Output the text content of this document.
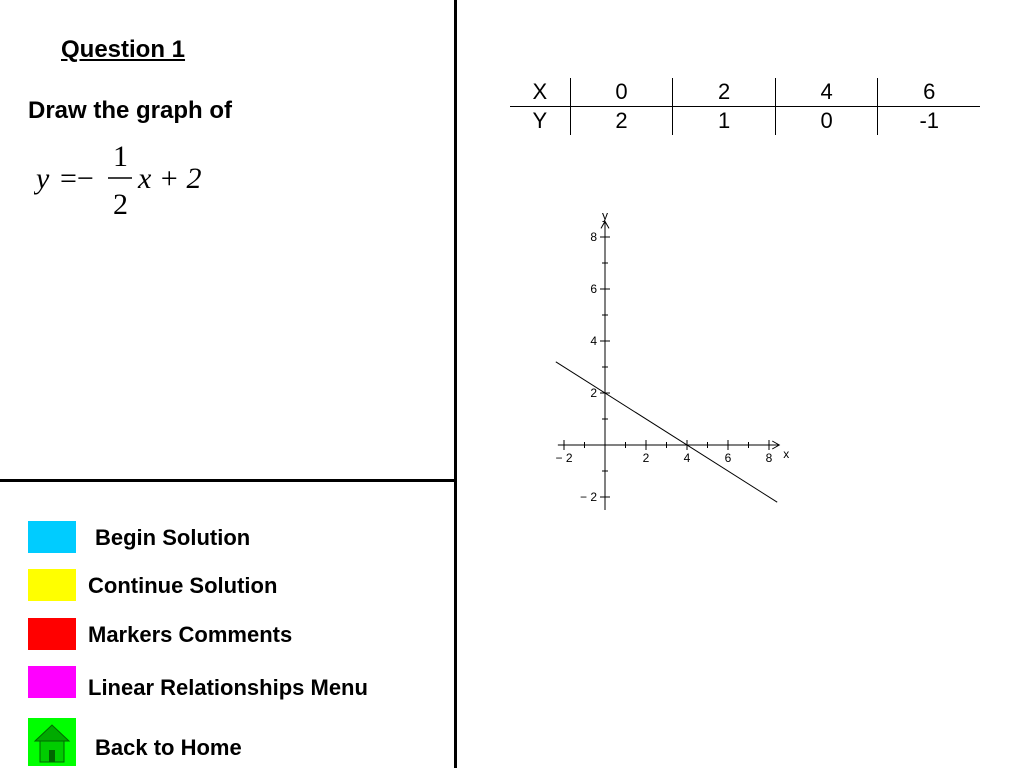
Question 1
Draw the graph of
y =−
1
2
x + 2
X	0	2	4	6
Y	2	1	0	-1
− 2	2	4	6	8
8
6
4
2
− 2
x
y
Begin Solution
Continue Solution
Markers Comments
Linear Relationships Menu
Back to Home
